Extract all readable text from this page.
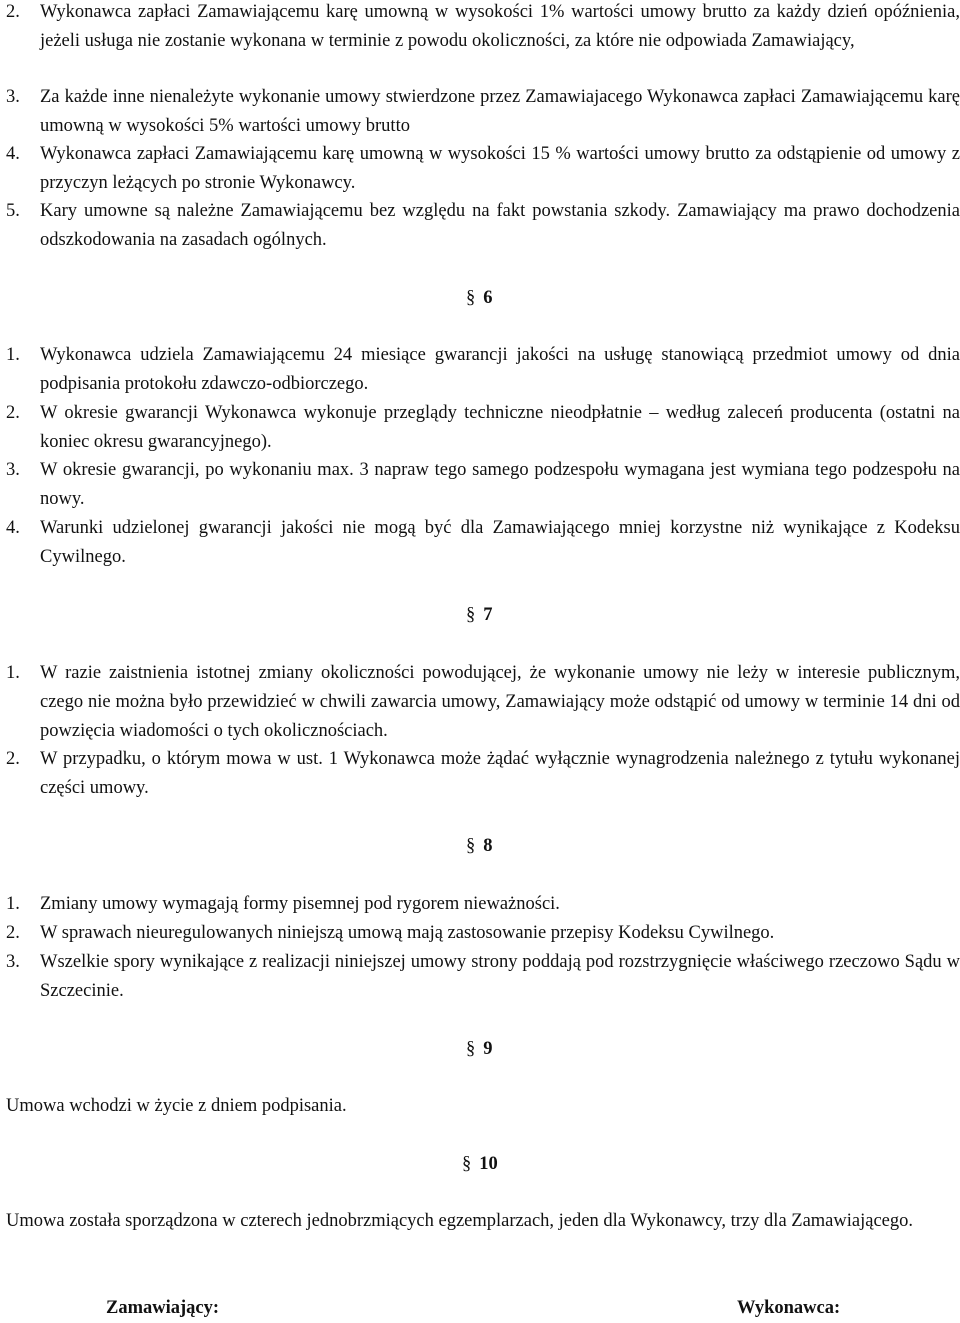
2.	Wykonawca zapłaci Zamawiającemu karę umowną w wysokości 1% wartości umowy brutto za każdy dzień opóźnienia, jeżeli usługa nie zostanie wykonana w terminie z powodu okoliczności, za które nie odpowiada Zamawiający,
3.	Za każde inne nienależyte wykonanie umowy stwierdzone przez Zamawiajacego Wykonawca zapłaci Zamawiającemu karę umowną w wysokości 5% wartości umowy brutto
4.	Wykonawca zapłaci Zamawiającemu karę umowną w wysokości 15 % wartości umowy brutto za odstąpienie od umowy z przyczyn leżących po stronie Wykonawcy.
5.	Kary umowne są należne Zamawiającemu bez względu na fakt powstania szkody. Zamawiający ma prawo dochodzenia odszkodowania na zasadach ogólnych.
§ 6
1.	Wykonawca udziela Zamawiającemu 24 miesiące gwarancji jakości na usługę stanowiącą przedmiot umowy od dnia podpisania protokołu zdawczo-odbiorczego.
2.	W okresie gwarancji Wykonawca wykonuje przeglądy techniczne nieodpłatnie – według zaleceń producenta (ostatni na koniec okresu gwarancyjnego).
3.	W okresie gwarancji, po wykonaniu max. 3 napraw tego samego podzespołu wymagana jest wymiana tego podzespołu na nowy.
4.	Warunki udzielonej gwarancji jakości nie mogą być dla Zamawiającego mniej korzystne niż wynikające z Kodeksu Cywilnego.
§ 7
1.	W razie zaistnienia istotnej zmiany okoliczności powodującej, że wykonanie umowy nie leży w interesie publicznym, czego nie można było przewidzieć w chwili zawarcia umowy, Zamawiający może odstąpić od umowy w terminie 14 dni od powzięcia wiadomości o tych okolicznościach.
2.	W przypadku, o którym mowa w ust. 1 Wykonawca może żądać wyłącznie wynagrodzenia należnego z tytułu wykonanej części umowy.
§ 8
1.	Zmiany umowy wymagają formy pisemnej pod rygorem nieważności.
2.	W sprawach nieuregulowanych niniejszą umową mają zastosowanie przepisy Kodeksu Cywilnego.
3.	Wszelkie spory wynikające z realizacji niniejszej umowy strony poddają pod rozstrzygnięcie właściwego rzeczowo Sądu w Szczecinie.
§ 9
Umowa wchodzi w życie z dniem podpisania.
§ 10
Umowa została sporządzona w czterech jednobrzmiących egzemplarzach, jeden dla Wykonawcy, trzy dla Zamawiającego.
Zamawiający:	Wykonawca:
